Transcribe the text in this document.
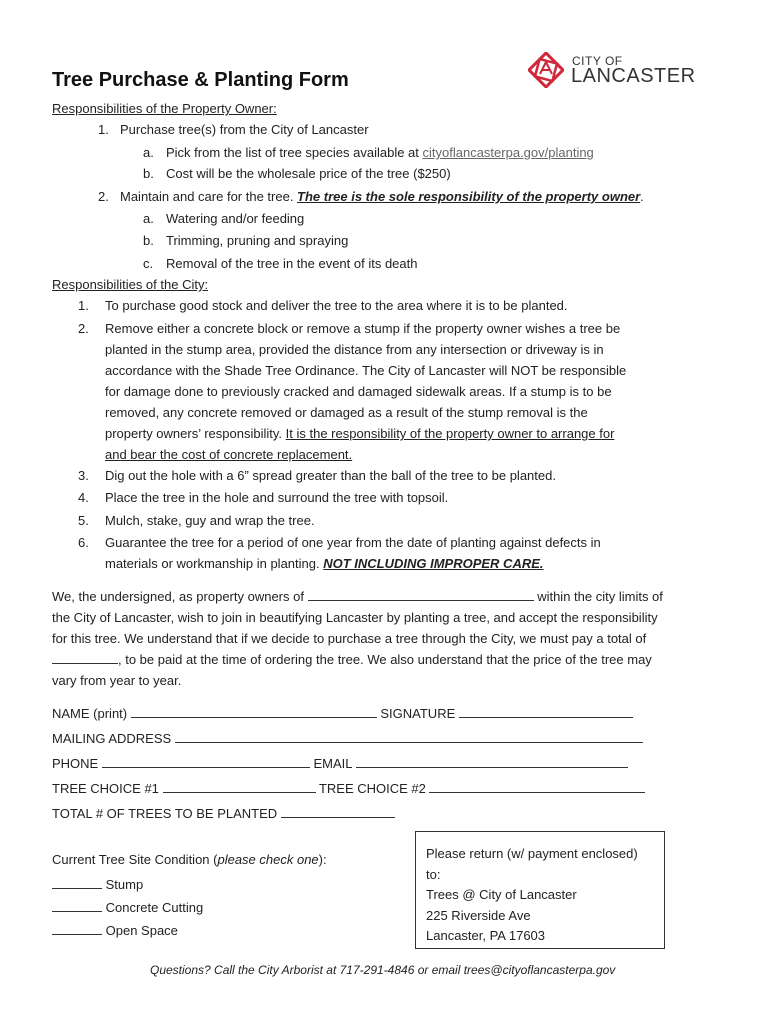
CITY OF
LANCASTER
Tree Purchase & Planting Form
Responsibilities of the Property Owner:
1. Purchase tree(s) from the City of Lancaster
a. Pick from the list of tree species available at cityoflancasterpa.gov/planting
b. Cost will be the wholesale price of the tree ($250)
2. Maintain and care for the tree. The tree is the sole responsibility of the property owner.
a. Watering and/or feeding
b. Trimming, pruning and spraying
c. Removal of the tree in the event of its death
Responsibilities of the City:
1. To purchase good stock and deliver the tree to the area where it is to be planted.
2. Remove either a concrete block or remove a stump if the property owner wishes a tree be
planted in the stump area, provided the distance from any intersection or driveway is in
accordance with the Shade Tree Ordinance. The City of Lancaster will NOT be responsible
for damage done to previously cracked and damaged sidewalk areas. If a stump is to be
removed, any concrete removed or damaged as a result of the stump removal is the
property owners’ responsibility. It is the responsibility of the property owner to arrange for
and bear the cost of concrete replacement.
3. Dig out the hole with a 6” spread greater than the ball of the tree to be planted.
4. Place the tree in the hole and surround the tree with topsoil.
5. Mulch, stake, guy and wrap the tree.
6. Guarantee the tree for a period of one year from the date of planting against defects in
materials or workmanship in planting. NOT INCLUDING IMPROPER CARE.
We, the undersigned, as property owners of	within the city limits of the City of Lancaster, wish to join in beautifying Lancaster by planting a tree, and accept the responsibility for this tree. We understand that if we decide to purchase a tree through the City, we must pay a total of , to be paid at the time of ordering the tree. We also understand that the price of the tree may vary from year to year.
NAME (print)	SIGNATURE
MAILING ADDRESS
PHONE	EMAIL
TREE CHOICE #1	TREE CHOICE #2
TOTAL # OF TREES TO BE PLANTED
Current Tree Site Condition (please check one):
Stump
Concrete Cutting
Open Space
Please return (w/ payment enclosed)
to:
Trees @ City of Lancaster
225 Riverside Ave
Lancaster, PA 17603
Questions? Call the City Arborist at 717-291-4846 or email trees@cityoflancasterpa.gov
